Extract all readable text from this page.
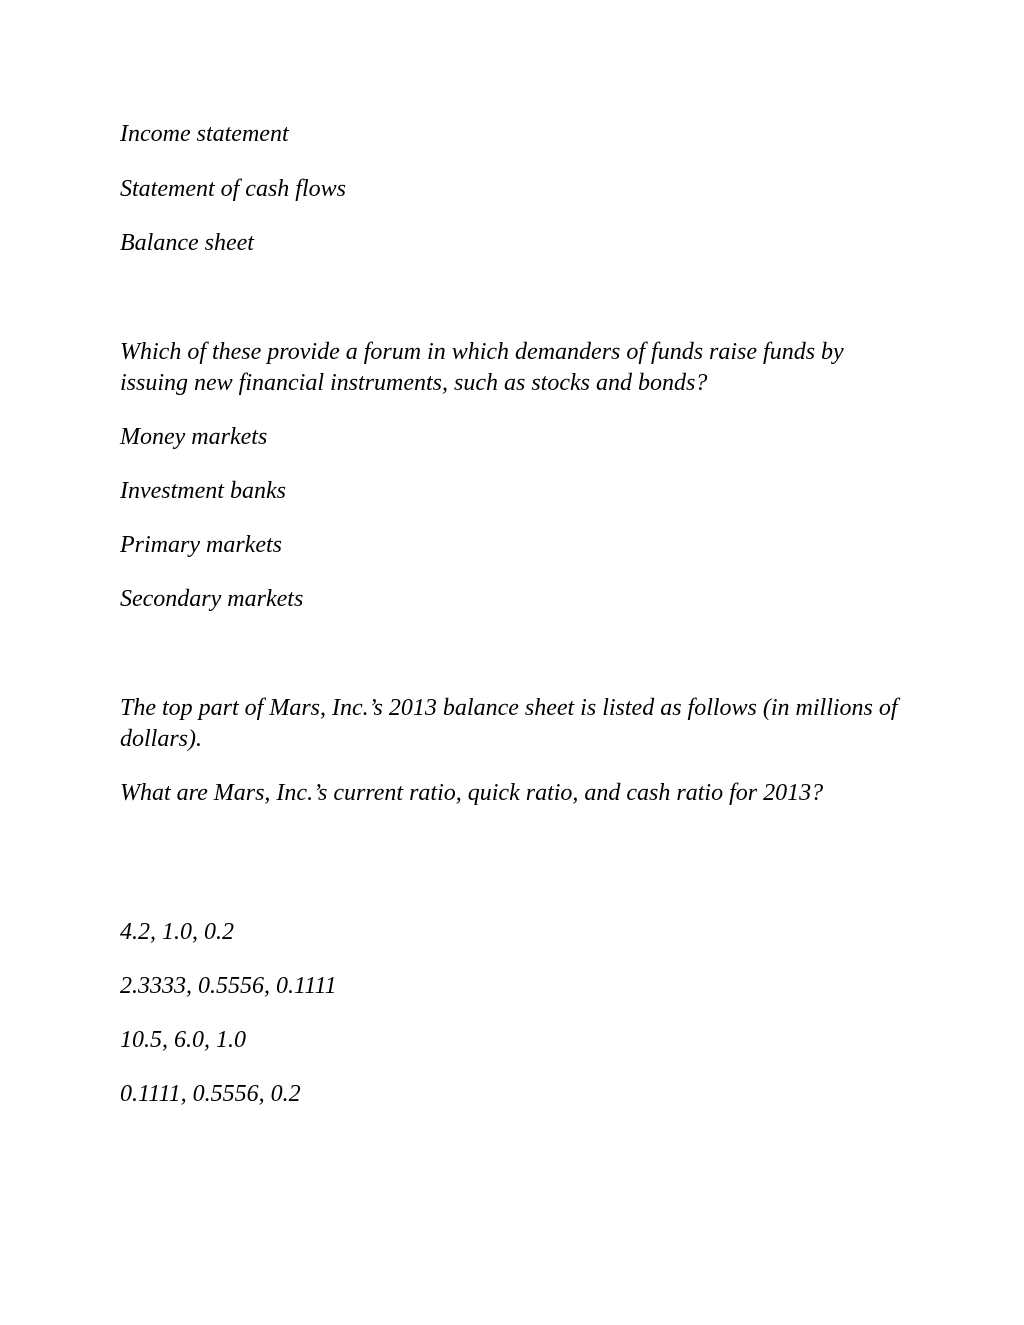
Income statement

Statement of cash flows

Balance sheet

Which of these provide a forum in which demanders of funds raise funds by issuing new financial instruments, such as stocks and bonds?

Money markets

Investment banks

Primary markets

Secondary markets

The top part of Mars, Inc.’s 2013 balance sheet is listed as follows (in millions of dollars).

What are Mars, Inc.’s current ratio, quick ratio, and cash ratio for 2013?

4.2, 1.0, 0.2

2.3333, 0.5556, 0.1111

10.5, 6.0, 1.0

0.1111, 0.5556, 0.2
